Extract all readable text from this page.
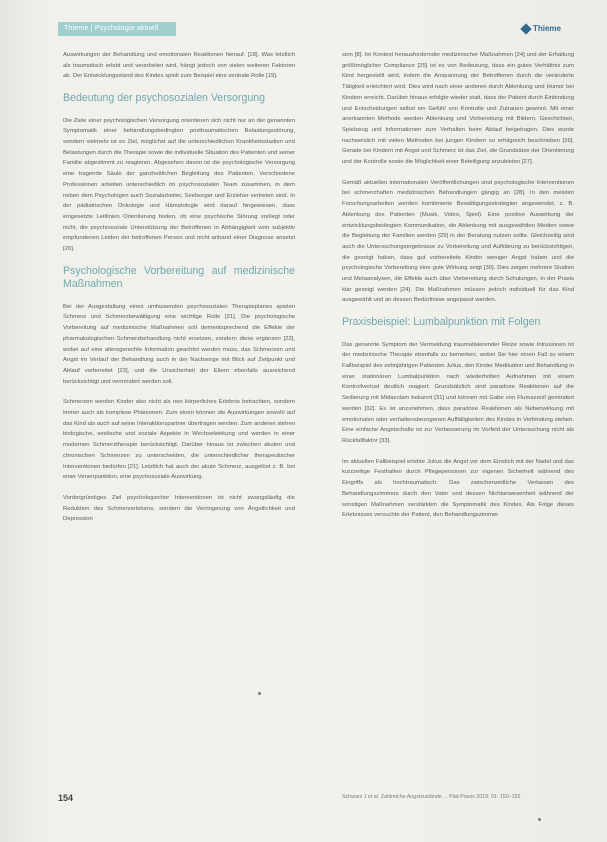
Thieme | Psychologie aktuell	Thieme

Auswirkungen der Behandlung und emotionalen Reaktionen hierauf. [18]. Was letztlich als traumatisch erlebt und verarbeitet wird, hängt jedoch von vielen weiteren Faktoren ab. Der Entwicklungsstand des Kindes spielt zum Beispiel eine zentrale Rolle [19].

Bedeutung der psychosozialen Versorgung

Die Ziele einer psychologischen Versorgung orientieren sich nicht nur an der genannten Symptomatik einer behandlungsbedingten posttraumatischen Belastungsstörung, sondern vielmehr ist es Ziel, möglichst auf die unterschiedlichen Krankheitsstadien und Belastungen durch die Therapie sowie die individuelle Situation des Patienten und seiner Familie abgestimmt zu reagieren. Abgesehen davon ist die psychologische Versorgung eine tragende Säule der ganzheitlichen Begleitung des Patienten. Verschiedene Professionen arbeiten unterschiedlich im psychosozialen Team zusammen, in dem neben dem Psychologen auch Sozialarbeiter, Seelsorger und Erzieher vertreten sind. In der pädiatrischen Onkologie und Hämatologie wird darauf hingewiesen, dass eingesetzte Leitlinien Orientierung bieten, ob eine psychische Störung vorliegt oder nicht, die psychosoziale Unterstützung der Betroffenen in Abhängigkeit vom subjektiv empfundenen Leiden der betroffenen Person und nicht anhand einer Diagnose ansetzt [20].

Psychologische Vorbereitung auf medizinische Maßnahmen

Bei der Ausgestaltung eines umfassenden psychosozialen Therapieplanes spielen Schmerz und Schmerzbewältigung eine wichtige Rolle [21]. Die psychologische Vorbereitung auf medizinische Maßnahmen soll dementsprechend die Effekte der pharmakologischen Schmerzbehandlung nicht ersetzen, sondern diese ergänzen [22], wobei auf eine altersgerechte Information geachtet werden muss, das Schmerzen und Angst im Verlauf der Behandlung auch in der Nachsorge mit Blick auf Zeitpunkt und Ablauf vorbereitet [23], und die Unsicherheit der Eltern ebenfalls ausreichend berücksichtigt und vermindert werden soll.

Schmerzen werden Kinder also nicht als rein körperliches Erlebnis betrachten, sondern immer auch als komplexe Phänomen. Zum einen können die Auswirkungen sowohl auf das Kind als auch auf seine Interaktionspartner übertragen werden. Zum anderen stehen biologische, seelische und soziale Aspekte in Wechselwirkung und werden in einer modernen Schmerztherapie berücksichtigt. Darüber hinaus ist zwischen akuten und chronischen Schmerzen zu unterscheiden, die unterschiedlicher therapeutischer Interventionen bedürfen [21]. Letztlich hat auch der akute Schmerz, ausgelöst z. B. bei einer Venenpunktion, eine psychosoziale Auswirkung.

Vordergründiges Ziel psychologischer Interventionen ist nicht zwangsläufig die Reduktion des Schmerzerlebens, sondern die Verringerung von Ängstlichkeit und Depression

sion [8]. Im Kontext herausfordernder medizinischer Maßnahmen [24] und der Erhaltung größtmöglicher Compliance [25] ist es von Bedeutung, dass ein gutes Verhältnis zum Kind hergestellt wird, indem die Anspannung der Betroffenen durch die veränderte Tätigkeit erleichtert wird. Dies wird nach einer anderen durch Ablenkung und Humor bei Kindern erreicht. Darüber hinaus erfolgte wieder statt, dass der Patient durch Einbindung und Entscheidungen selbst ein Gefühl von Kontrolle und Zutrauen gewinnt. Mit einer anerkannten Methode werden Ablenkung und Vorbereitung mit Bildern, Geschichten, Spielzeug und Informationen zum Verhalten beim Ablauf beigetragen. Dies wurde nachweislich mit vielen Methoden bei jungen Kindern so erfolgreich beschrieben [26]. Gerade bei Kindern mit Angst und Schmerz ist das Ziel, die Grundsätze der Orientierung und der Kontrolle sowie die Möglichkeit einer Beteiligung anzubieten [27].

Gemäß aktuellen internationalen Veröffentlichungen sind psychologische Interventionen bei schmerzhaften medizinischen Behandlungen gängig an [28]. In den meisten Forschungsarbeiten werden kombinierte Bewältigungsstrategien angewendet, z. B. Ablenkung des Patienten (Musik, Video, Spiel). Eine positive Auswirkung der entwicklungsbedingten Kommunikation, die Ablenkung mit ausgewählten Medien sowie die Begleitung der Familien werden [29] in der Beratung nutzen sollte. Gleichzeitig sind auch die Untersuchungsergebnisse zu Vorbereitung und Aufklärung zu berücksichtigen, die gezeigt haben, dass gut vorbereitete Kinder weniger Angst haben und die psychologische Vorbereitung eine gute Wirkung zeigt [30]. Dies zeigen mehrere Studien und Metaanalysen, die Effekte auch über Vorbereitung durch Schulungen, in der Praxis klar gezeigt werden [24]. Die Maßnahmen müssen jedoch individuell für das Kind ausgewählt und an dessen Bedürfnisse angepasst werden.

Praxisbeispiel: Lumbalpunktion mit Folgen

Das genannte Symptom der Vermeidung traumatisierender Reize sowie Intrusionen ist der medizinische Therapie ebenfalls zu bemerken, wobei Sie hier einen Fall zu einem Fallbeispiel des zehnjährigen Patienten Julius, den Kinder Medikation und Behandlung in einer stationären Lumbalpunktion nach wiederholten Aufnahmen mit einem Kontrollverlust deutlich reagiert. Grundsätzlich sind paradoxe Reaktionen auf die Sedierung mit Midazolam bekannt [31] und können mit Gabe von Flumazenil gemindert werden [32]. Es ist anzunehmen, dass paradoxe Reaktionen als Nebenwirkung mit emotionalen oder verhaltensbezogenen Auffälligkeiten des Kindes in Verbindung stehen. Eine einfache Angstschalte ist zur Verbesserung im Vorfeld der Untersuchung nicht als Rückfallfaktor [33].

Im aktuellen Fallbeispiel erlebte Julius die Angst vor dem Einstich mit der Nadel und das kurzzeitige Festhalten durch Pflegepersonen zur eigenen Sicherheit während des Eingriffs als hochtraumatisch. Das zwischenzeitliche Verlassen des Behandlungszimmers durch den Vater und dessen Nichtanwesenheit während der sonstigen Maßnahmen verstärkten die Symptomatik des Kindes. Als Folge dieses Erlebnisses versuchte der Patient, den Behandlungszimmer

154	Schwarz J et al. Zahlreiche Angstzustände ... Päd Praxis 2019; 91: 150–155
